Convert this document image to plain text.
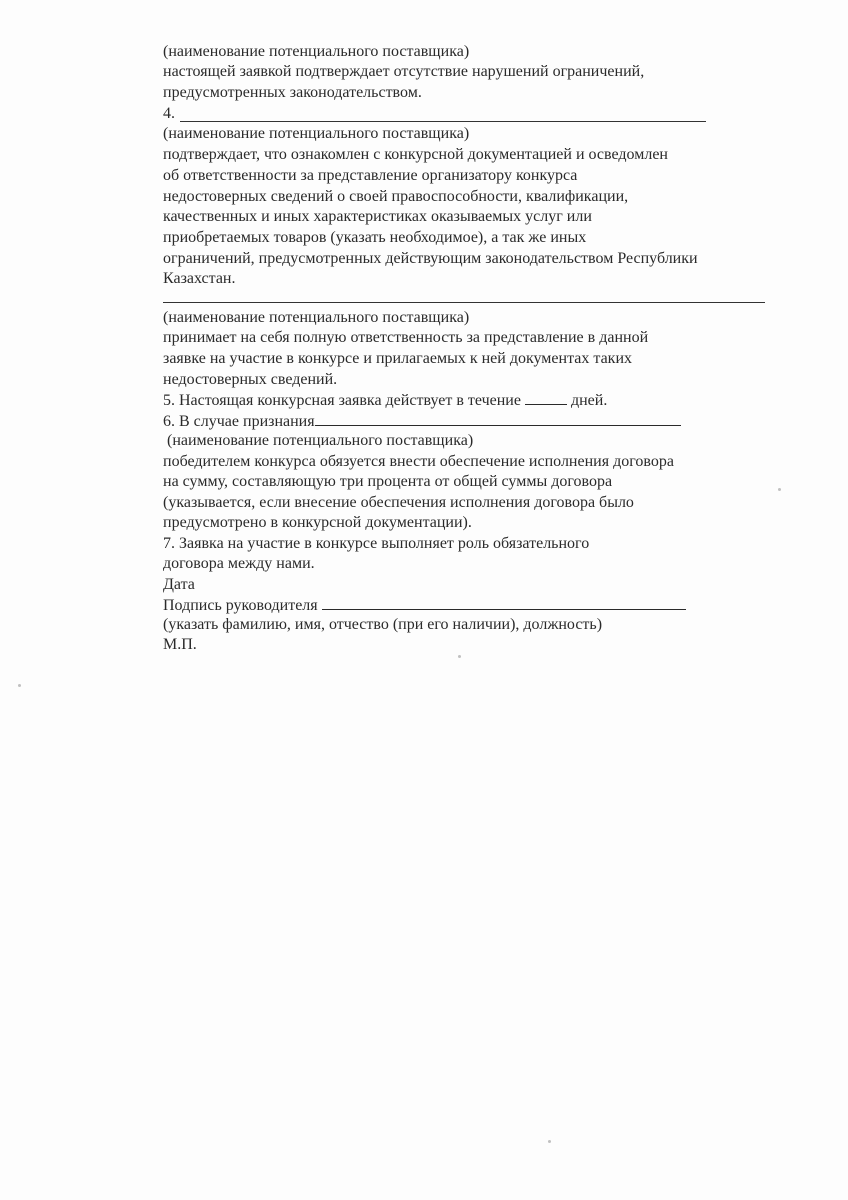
(наименование потенциального поставщика)
настоящей заявкой подтверждает отсутствие нарушений ограничений,
предусмотренных законодательством.
4.
(наименование потенциального поставщика)
подтверждает, что ознакомлен с конкурсной документацией и осведомлен
об ответственности за представление организатору конкурса
недостоверных сведений о своей правоспособности, квалификации,
качественных и иных характеристиках оказываемых услуг или
приобретаемых товаров (указать необходимое), а так же иных
ограничений, предусмотренных действующим законодательством Республики
Казахстан.
(наименование потенциального поставщика)
принимает на себя полную ответственность за представление в данной
заявке на участие в конкурсе и прилагаемых к ней документах таких
недостоверных сведений.
5. Настоящая конкурсная заявка действует в течение	дней.
6. В случае признания
(наименование потенциального поставщика)
победителем конкурса обязуется внести обеспечение исполнения договора
на сумму, составляющую три процента от общей суммы договора
(указывается, если внесение обеспечения исполнения договора было
предусмотрено в конкурсной документации).
7. Заявка на участие в конкурсе выполняет роль обязательного
договора между нами.
Дата
Подпись руководителя
(указать фамилию, имя, отчество (при его наличии), должность)
М.П.
